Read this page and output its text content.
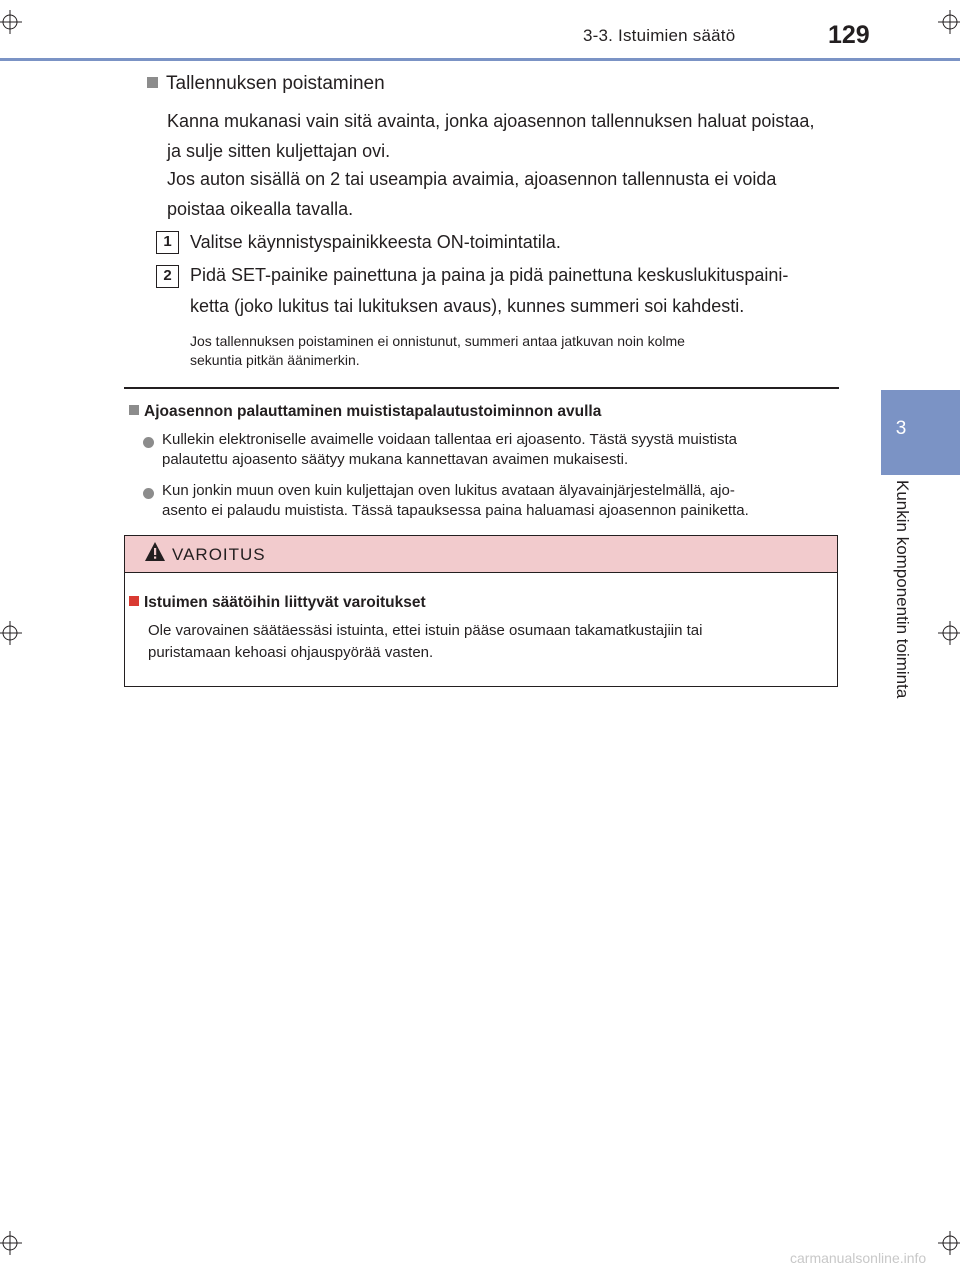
3-3. Istuimien säätö	129
3
Kunkin komponentin toiminta
Tallennuksen poistaminen
Kanna mukanasi vain sitä avainta, jonka ajoasennon tallennuksen haluat poistaa,
ja sulje sitten kuljettajan ovi.
Jos auton sisällä on 2 tai useampia avaimia, ajoasennon tallennusta ei voida
poistaa oikealla tavalla.
1	Valitse käynnistyspainikkeesta ON-toimintatila.
2	Pidä SET-painike painettuna ja paina ja pidä painettuna keskuslukituspaini-
ketta (joko lukitus tai lukituksen avaus), kunnes summeri soi kahdesti.
Jos tallennuksen poistaminen ei onnistunut, summeri antaa jatkuvan noin kolme
sekuntia pitkän äänimerkin.
Ajoasennon palauttaminen muististapalautustoiminnon avulla
Kullekin elektroniselle avaimelle voidaan tallentaa eri ajoasento. Tästä syystä muistista
palautettu ajoasento säätyy mukana kannettavan avaimen mukaisesti.
Kun jonkin muun oven kuin kuljettajan oven lukitus avataan älyavainjärjestelmällä, ajo-
asento ei palaudu muistista. Tässä tapauksessa paina haluamasi ajoasennon painiketta.
VAROITUS
Istuimen säätöihin liittyvät varoitukset
Ole varovainen säätäessäsi istuinta, ettei istuin pääse osumaan takamatkustajiin tai
puristamaan kehoasi ohjauspyörää vasten.
carmanualsonline.info
